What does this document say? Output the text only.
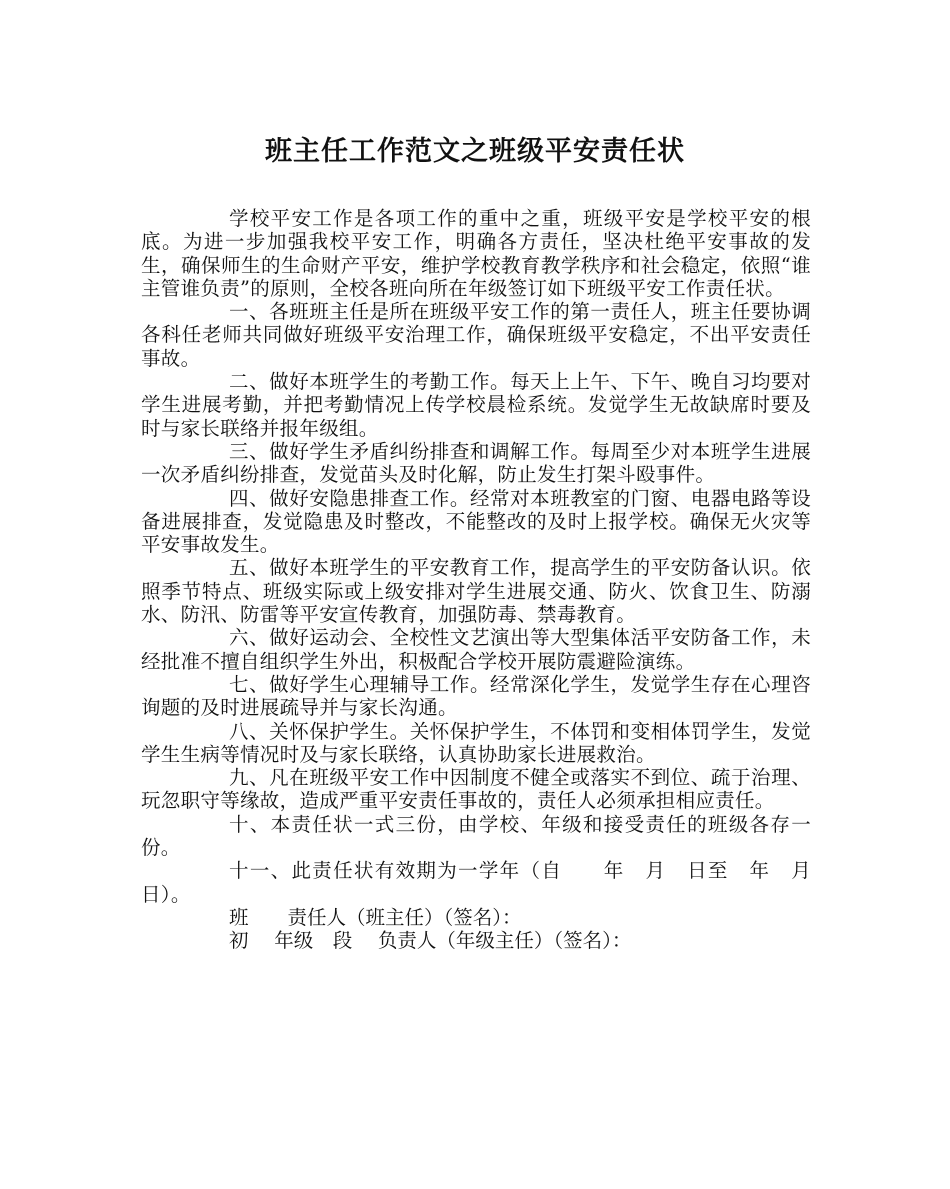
班主任工作范文之班级平安责任状

学校平安工作是各项工作的重中之重，班级平安是学校平安的根底。为进一步加强我校平安工作，明确各方责任，坚决杜绝平安事故的发生，确保师生的生命财产平安，维护学校教育教学秩序和社会稳定，依照“谁主管谁负责”的原则，全校各班向所在年级签订如下班级平安工作责任状。

一、各班班主任是所在班级平安工作的第一责任人，班主任要协调各科任老师共同做好班级平安治理工作，确保班级平安稳定，不出平安责任事故。

二、做好本班学生的考勤工作。每天上上午、下午、晚自习均要对学生进展考勤，并把考勤情况上传学校晨检系统。发觉学生无故缺席时要及时与家长联络并报年级组。

三、做好学生矛盾纠纷排查和调解工作。每周至少对本班学生进展一次矛盾纠纷排查，发觉苗头及时化解，防止发生打架斗殴事件。

四、做好安隐患排查工作。经常对本班教室的门窗、电器电路等设备进展排查，发觉隐患及时整改，不能整改的及时上报学校。确保无火灾等平安事故发生。

五、做好本班学生的平安教育工作，提高学生的平安防备认识。依照季节特点、班级实际或上级安排对学生进展交通、防火、饮食卫生、防溺水、防汛、防雷等平安宣传教育，加强防毒、禁毒教育。

六、做好运动会、全校性文艺演出等大型集体活平安防备工作，未经批准不擅自组织学生外出，积极配合学校开展防震避险演练。

七、做好学生心理辅导工作。经常深化学生，发觉学生存在心理咨询题的及时进展疏导并与家长沟通。

八、关怀保护学生。关怀保护学生，不体罚和变相体罚学生，发觉学生生病等情况时及与家长联络，认真协助家长进展救治。

九、凡在班级平安工作中因制度不健全或落实不到位、疏于治理、玩忽职守等缘故，造成严重平安责任事故的，责任人必须承担相应责任。

十、本责任状一式三份，由学校、年级和接受责任的班级各存一份。

十一、此责任状有效期为一学年（自　　年　月　日至　年　月　日）。

班　　责任人（班主任）（签名）：

初　 年级　段　 负责人（年级主任）（签名）：
